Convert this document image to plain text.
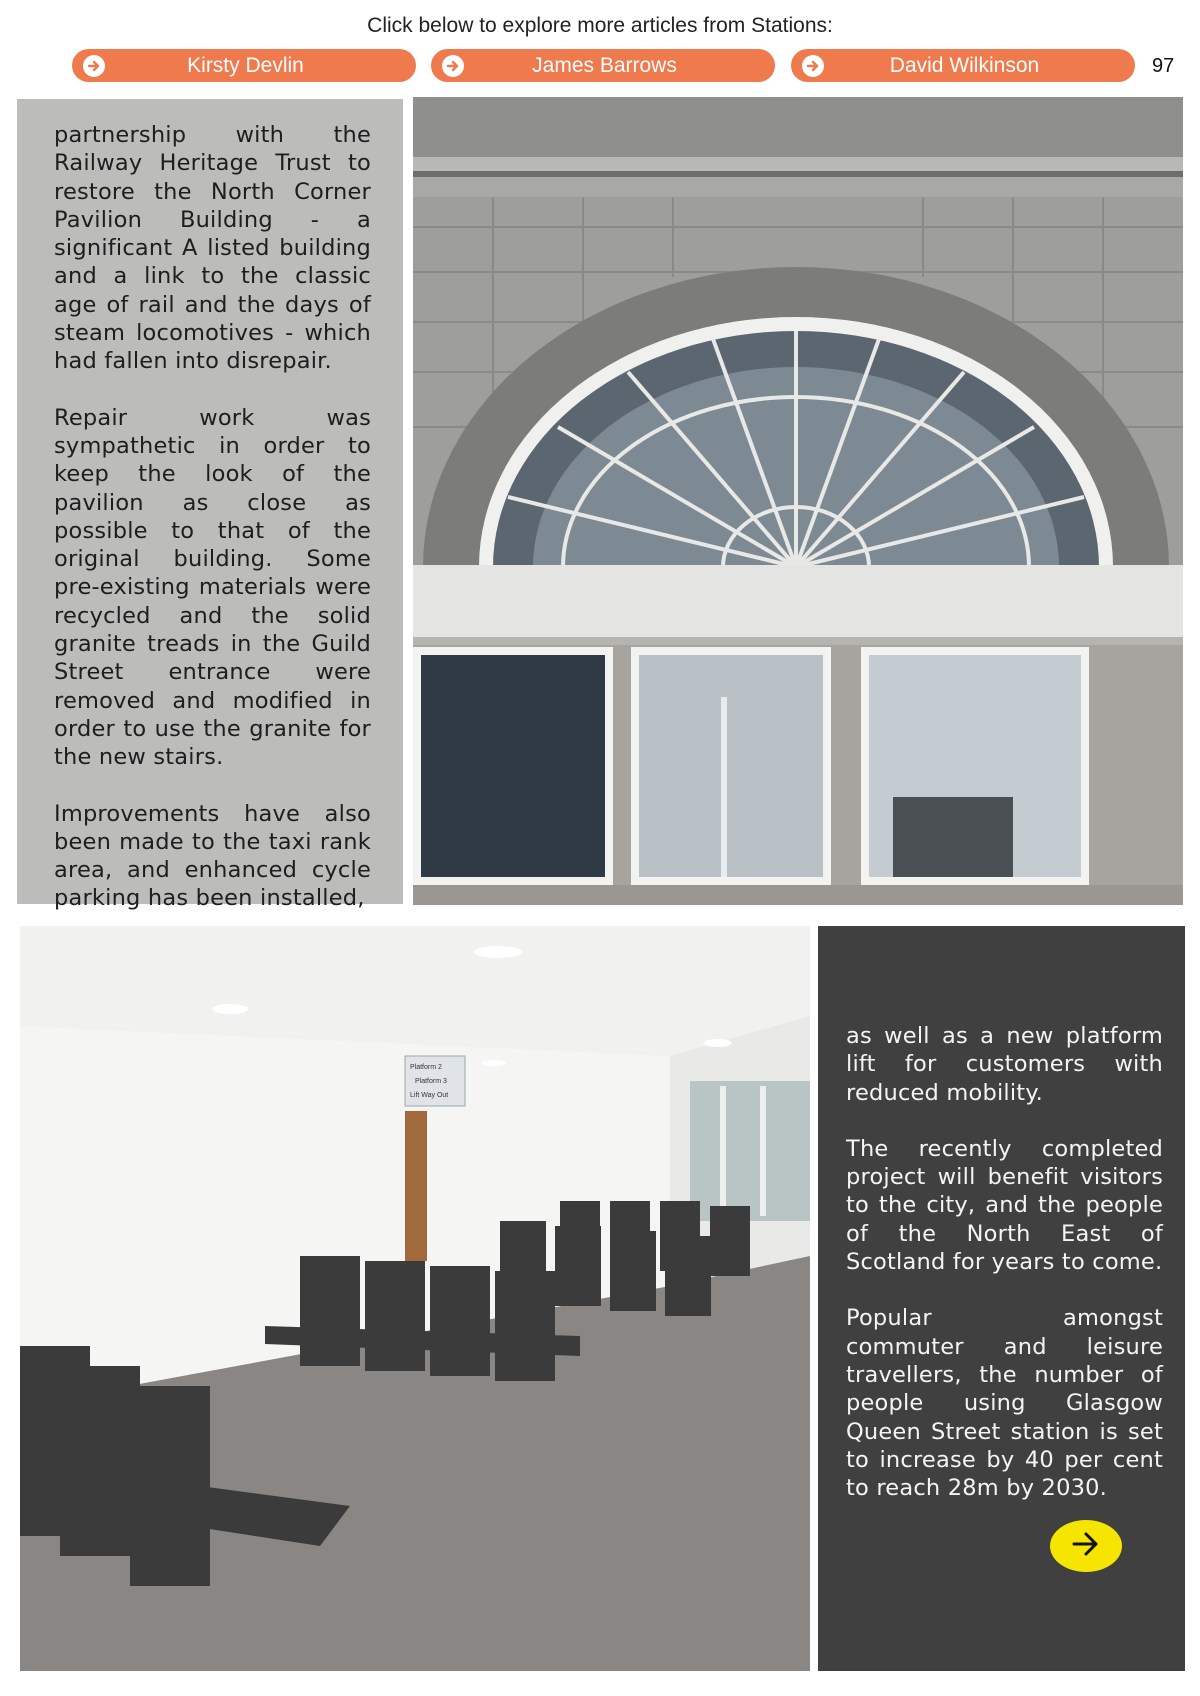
Click below to explore more articles from Stations:
Kirsty Devlin	James Barrows	David Wilkinson	97

partnership with the Railway Heritage Trust to restore the North Corner Pavilion Building - a significant A listed building and a link to the classic age of rail and the days of steam locomotives - which had fallen into disrepair.

Repair work was sympathetic in order to keep the look of the pavilion as close as possible to that of the original building. Some pre-existing materials were recycled and the solid granite treads in the Guild Street entrance were removed and modified in order to use the granite for the new stairs.

Improvements have also been made to the taxi rank area, and enhanced cycle parking has been installed,

Platform 2
Platform 3
Lift Way Out

as well as a new platform lift for customers with reduced mobility.

The recently completed project will benefit visitors to the city, and the people of the North East of Scotland for years to come.

Popular amongst commuter and leisure travellers, the number of people using Glasgow Queen Street station is set to increase by 40 per cent to reach 28m by 2030.
